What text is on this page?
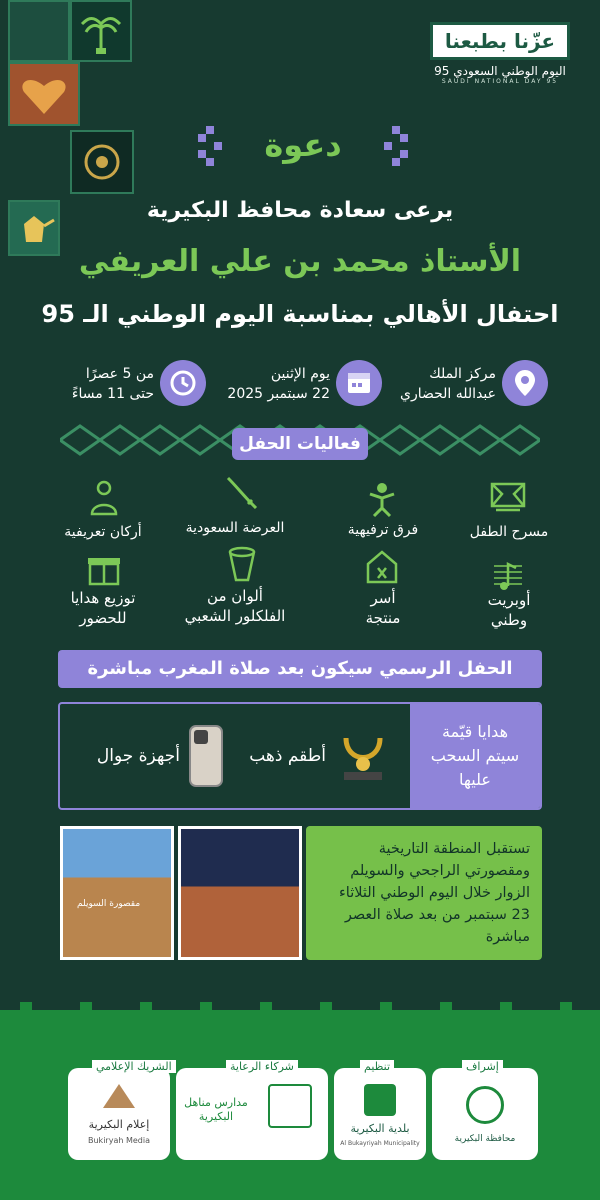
عزّنا بطبعنا
اليوم الوطني السعودي 95
SAUDI NATIONAL DAY 95
دعوة
يرعى سعادة محافظ البكيرية
الأستاذ محمد بن علي العريفي
احتفال الأهالي بمناسبة اليوم الوطني الـ 95
مركز الملك
عبدالله الحضاري
يوم الإثنين
22 سبتمبر 2025
من 5 عصرًا
حتى 11 مساءً
فعاليات الحفل
مسرح الطفل
فرق ترفيهية
العرضة السعودية
أركان تعريفية
أوبريت
وطني
أسر
منتجة
ألوان من
الفلكلور الشعبي
توزيع هدايا
للحضور
الحفل الرسمي سيكون بعد صلاة المغرب مباشرة
هدايا قيّمة
سيتم السحب
عليها
أطقم ذهب
أجهزة جوال
مقصورة السويلم
تستقبل المنطقة التاريخية ومقصورتي الراجحي والسويلم الزوار خلال اليوم الوطني الثلاثاء 23 سبتمبر من بعد صلاة العصر مباشرة
محافظة البكيرية
إشراف
بلدية البكيرية
Al Bukayriyah Municipality
تنظيم
مدارس مناهل البكيرية
شركاء الرعاية
إعلام البكيرية
Bukiryah Media
الشريك الإعلامي
